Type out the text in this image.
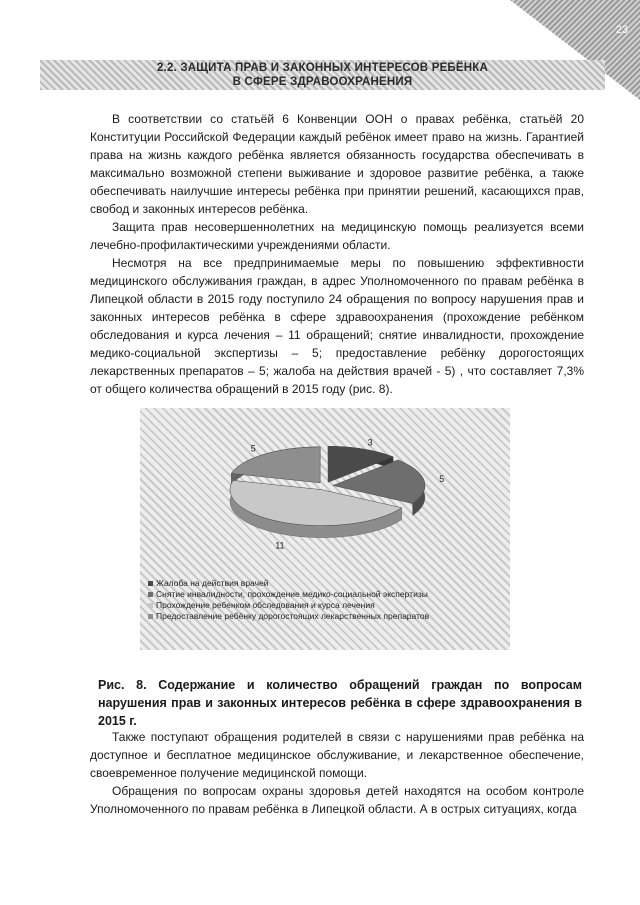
23
2.2. ЗАЩИТА ПРАВ И ЗАКОННЫХ ИНТЕРЕСОВ РЕБЁНКА
В СФЕРЕ ЗДРАВООХРАНЕНИЯ

В соответствии со статьёй 6 Конвенции ООН о правах ребёнка, статьёй 20 Конституции Российской Федерации каждый ребёнок имеет право на жизнь. Гарантией права на жизнь каждого ребёнка является обязанность государства обеспечивать в максимально возможной степени выживание и здоровое развитие ребёнка, а также обеспечивать наилучшие интересы ребёнка при принятии решений, касающихся прав, свобод и законных интересов ребёнка.

Защита прав несовершеннолетних на медицинскую помощь реализуется всеми лечебно-профилактическими учреждениями области.

Несмотря на все предпринимаемые меры по повышению эффективности медицинского обслуживания граждан, в адрес Уполномоченного по правам ребёнка в Липецкой области в 2015 году поступило 24 обращения по вопросу нарушения прав и законных интересов ребёнка в сфере здравоохранения (прохождение ребёнком обследования и курса лечения – 11 обращений; снятие инвалидности, прохождение медико-социальной экспертизы – 5; предоставление ребёнку дорогостоящих лекарственных препаратов – 5; жалоба на действия врачей - 5) , что составляет 7,3% от общего количества обращений в 2015 году (рис. 8).

3
5
11
5
Жалоба на действия врачей
Снятие инвалидности, прохождение медико-социальной экспертизы
Прохождение ребенком обследования и курса лечения
Предоставление ребёнку дорогостоящих лекарственных препаратов
Рис. 8. Содержание и количество обращений граждан по вопросам нарушения прав и законных интересов ребёнка в сфере здравоохранения в 2015 г.

Также поступают обращения родителей в связи с нарушениями прав ребёнка на доступное и бесплатное медицинское обслуживание, и лекарственное обеспечение, своевременное получение медицинской помощи.

Обращения по вопросам охраны здоровья детей находятся на особом контроле Уполномоченного по правам ребёнка в Липецкой области. А в острых ситуациях, когда
